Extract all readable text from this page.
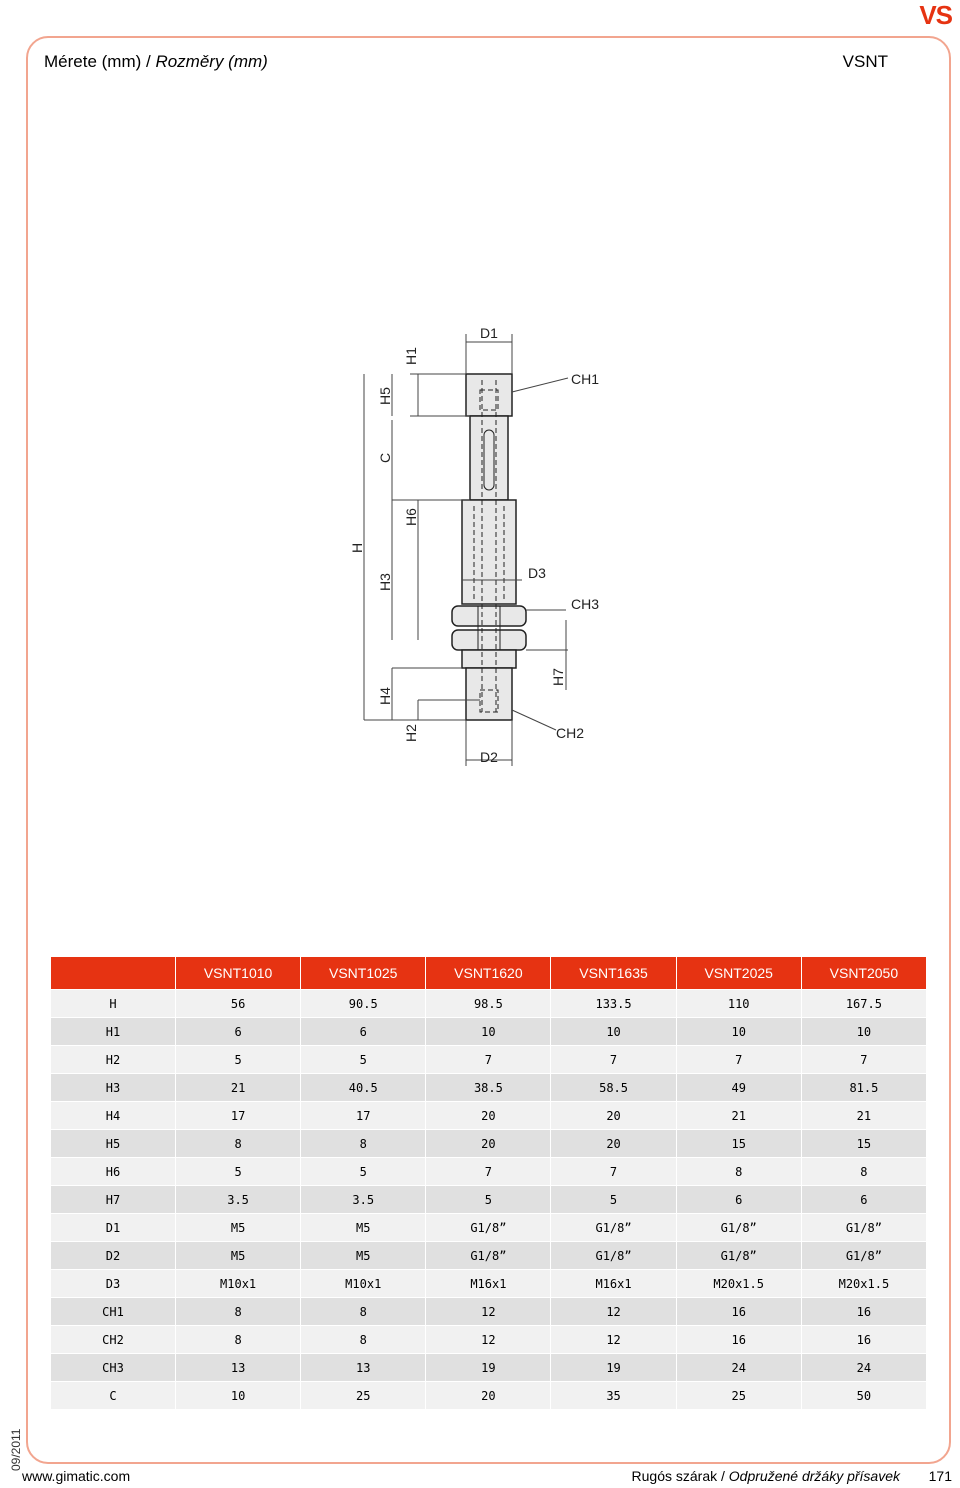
VS
Mérete (mm) / Rozměry (mm)	VSNT
D1
CH1
H1
H5
C
H6
H
H3
D3
CH3
H7
H4
H2	CH2
D2
	VSNT1010	VSNT1025	VSNT1620	VSNT1635	VSNT2025	VSNT2050
H	56	90.5	98.5	133.5	110	167.5
H1	6	6	10	10	10	10
H2	5	5	7	7	7	7
H3	21	40.5	38.5	58.5	49	81.5
H4	17	17	20	20	21	21
H5	8	8	20	20	15	15
H6	5	5	7	7	8	8
H7	3.5	3.5	5	5	6	6
D1	M5	M5	G1/8”	G1/8”	G1/8”	G1/8”
D2	M5	M5	G1/8”	G1/8”	G1/8”	G1/8”
D3	M10x1	M10x1	M16x1	M16x1	M20x1.5	M20x1.5
CH1	8	8	12	12	16	16
CH2	8	8	12	12	16	16
CH3	13	13	19	19	24	24
C	10	25	20	35	25	50
09/2011
www.gimatic.com	Rugós szárak / Odpružené držáky přísavek 171
